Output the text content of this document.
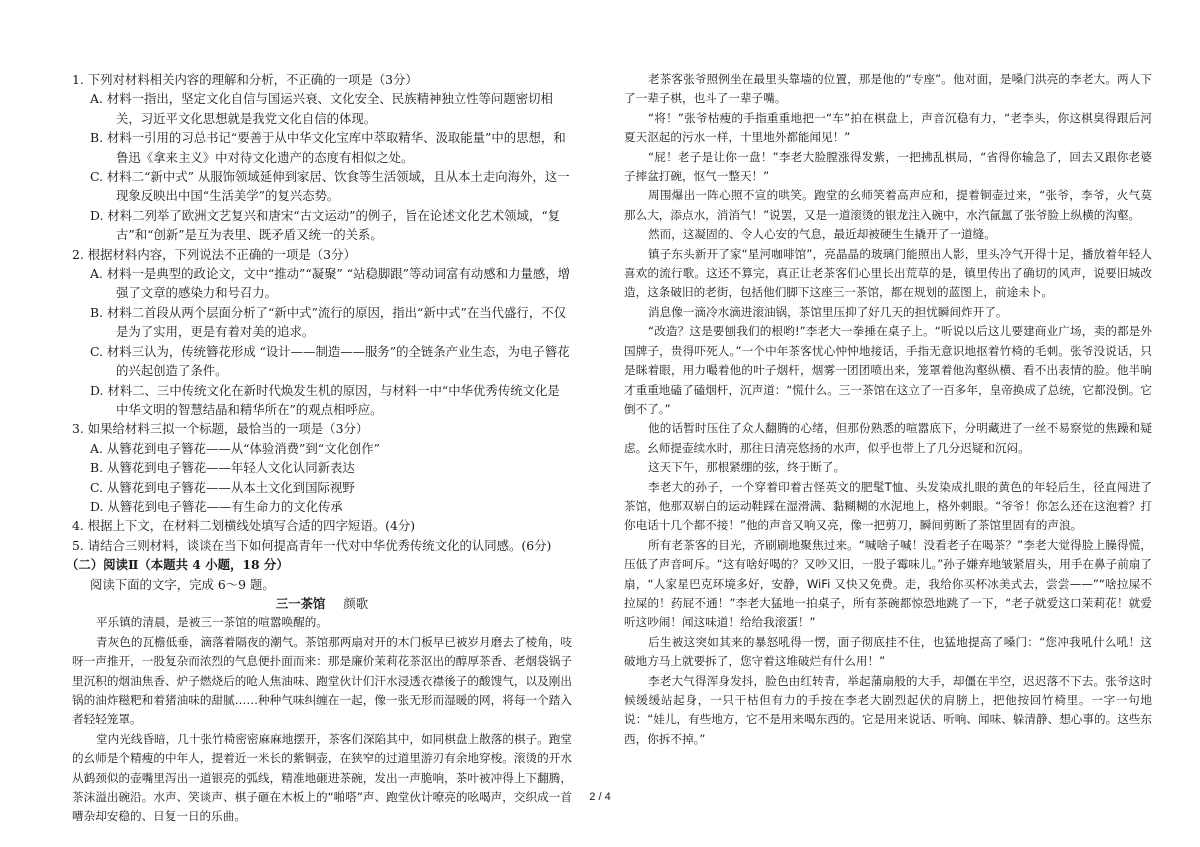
1. 下列对材料相关内容的理解和分析，不正确的一项是（3分）

A. 材料一指出，坚定文化自信与国运兴衰、文化安全、民族精神独立性等问题密切相关，习近平文化思想就是我党文化自信的体现。

B. 材料一引用的习总书记“要善于从中华文化宝库中萃取精华、汲取能量”中的思想，和鲁迅《拿来主义》中对待文化遗产的态度有相似之处。

C. 材料二“新中式” 从服饰领域延伸到家居、饮食等生活领域，且从本土走向海外，这一现象反映出中国“生活美学”的复兴态势。

D. 材料二列举了欧洲文艺复兴和唐宋“古文运动”的例子，旨在论述文化艺术领域，“复古”和“创新”是互为表里、既矛盾又统一的关系。

2. 根据材料内容，下列说法不正确的一项是（3分）

A. 材料一是典型的政论文，文中“推动”“凝聚” “站稳脚跟”等动词富有动感和力量感，增强了文章的感染力和号召力。

B. 材料二首段从两个层面分析了“新中式”流行的原因，指出“新中式”在当代盛行，不仅是为了实用，更是有着对美的追求。

C. 材料三认为，传统簪花形成 “设计——制造——服务”的全链条产业生态，为电子簪花的兴起创造了条件。

D. 材料二、三中传统文化在新时代焕发生机的原因，与材料一中“中华优秀传统文化是中华文明的智慧结晶和精华所在”的观点相呼应。

3. 如果给材料三拟一个标题，最恰当的一项是（3分）

A. 从簪花到电子簪花——从“体验消费”到“文化创作”

B. 从簪花到电子簪花——年轻人文化认同新表达

C. 从簪花到电子簪花——从本土文化到国际视野

D. 从簪花到电子簪花——有生命力的文化传承

4. 根据上下文，在材料二划横线处填写合适的四字短语。(4分)

5. 请结合三则材料，谈谈在当下如何提高青年一代对中华优秀传统文化的认同感。(6分)

（二）阅读Ⅱ（本题共 4 小题，18 分）

阅读下面的文字，完成 6～9 题。

三一茶馆 颜歌

平乐镇的清晨，是被三一茶馆的喧嚣唤醒的。

青灰色的瓦檐低垂，滴落着隔夜的潮气。茶馆那两扇对开的木门板早已被岁月磨去了棱角，吱呀一声推开，一股复杂而浓烈的气息便扑面而来：那是廉价茉莉花茶沤出的醇厚茶香、老烟袋锅子里沉积的烟油焦香、炉子燃烧后的呛人焦油味、跑堂伙计们汗水浸透衣襟後子的酸馊气，以及刚出锅的油炸糍粑和着猪油味的甜腻……种种气味纠缠在一起，像一张无形而湿暖的网，将每一个踏入者轻轻笼罩。

堂内光线昏暗，几十张竹椅密密麻麻地摆开，茶客们深陷其中，如同棋盘上散落的棋子。跑堂的幺师是个精瘦的中年人，提着近一米长的紫铜壶，在狭窄的过道里游刃有余地穿梭。滚烫的开水从鹤颈似的壶嘴里泻出一道银亮的弧线，精准地砸进茶碗，发出一声脆响，茶叶被冲得上下翻腾，茶沫溢出碗沿。水声、笑谈声、棋子砸在木板上的“啪嗒”声、跑堂伙计嘹亮的吆喝声，交织成一首嘈杂却安稳的、日复一日的乐曲。

老茶客张爷照例坐在最里头靠墙的位置，那是他的“专座”。他对面，是嗓门洪亮的李老大。两人下了一辈子棋，也斗了一辈子嘴。

“将！”张爷枯瘦的手指重重地把一“车”拍在棋盘上，声音沉稳有力，“老李头，你这棋臭得跟后河夏天沤起的污水一样，十里地外都能闻见！”

“屁！老子是让你一盘！”李老大脸膛涨得发紫，一把拂乱棋局，“省得你输急了，回去又跟你老婆子摔盆打碗，怄气一整天！”

周围爆出一阵心照不宣的哄笑。跑堂的幺师笑着高声应和，提着铜壶过来，“张爷，李爷，火气莫那么大，添点水，消消气！”说罢，又是一道滚烫的银龙注入碗中，水汽氤氲了张爷脸上纵横的沟壑。

然而，这凝固的、令人心安的气息，最近却被硬生生撬开了一道缝。

镇子东头新开了家“星河咖啡馆”，亮晶晶的玻璃门能照出人影，里头冷气开得十足，播放着年轻人喜欢的流行歌。这还不算完，真正让老茶客们心里长出荒草的是，镇里传出了确切的风声，说要旧城改造，这条破旧的老街，包括他们脚下这座三一茶馆，都在规划的蓝图上，前途未卜。

消息像一滴冷水滴进滚油锅，茶馆里压抑了好几天的担忧瞬间炸开了。

“改造？这是要刨我们的根哟!”李老大一拳捶在桌子上。“听说以后这儿要建商业广场，卖的都是外国牌子，贵得吓死人。”一个中年茶客忧心忡忡地接话，手指无意识地抠着竹椅的毛刺。张爷没说话，只是眯着眼，用力嘬着他的叶子烟杆，烟雾一团团喷出来，笼罩着他沟壑纵横、看不出表情的脸。他半晌才重重地磕了磕烟杆，沉声道：“慌什么。三一茶馆在这立了一百多年，皇帝换成了总统，它都没倒。它倒不了。”

他的话暂时压住了众人翻腾的心绪，但那份熟悉的喧嚣底下，分明藏进了一丝不易察觉的焦躁和疑虑。幺师提壶续水时，那往日清亮悠扬的水声，似乎也带上了几分迟疑和沉闷。

这天下午，那根紧绷的弦，终于断了。

李老大的孙子，一个穿着印着古怪英文的肥髦T恤、头发染成扎眼的黄色的年轻后生，径直闯进了茶馆，他那双崭白的运动鞋踩在湿滑满、黏糊糊的水泥地上，格外刺眼。“爷爷！你怎么还在这泡着？打你电话十几个都不接！”他的声音又响又亮，像一把剪刀，瞬间剪断了茶馆里固有的声浪。

所有老茶客的目光，齐刷刷地聚焦过来。“喊啥子喊！没看老子在喝茶？”李老大觉得脸上臊得慌，压低了声音呵斥。“这有啥好喝的？又吵又旧，一股子霉味儿。”孙子嫌弃地皱紧眉头，用手在鼻子前扇了扇，“人家星巴克环境多好，安静，WiFi 又快又免费。走，我给你买杯冰美式去，尝尝——”“啥拉屎不拉屎的！药屁不通！”李老大猛地一拍桌子，所有茶碗都惊恐地跳了一下，“老子就爱这口茉莉花！就爱听这吵闹！闻这味道！给给我滚蛋！”

后生被这突如其来的暴怒吼得一愣，面子彻底挂不住，也猛地提高了嗓门：“您冲我吼什么吼！这破地方马上就要拆了，您守着这堆破烂有什么用！”

李老大气得浑身发抖，脸色由红转青，举起蒲扇般的大手，却僵在半空，迟迟落不下去。张爷这时候缓缓站起身，一只干枯但有力的手按在李老大剧烈起伏的肩膀上，把他按回竹椅里。一字一句地说：“娃儿，有些地方，它不是用来喝东西的。它是用来说话、听响、闻味、躲清静、想心事的。这些东西，你拆不掉。”

2 / 4
